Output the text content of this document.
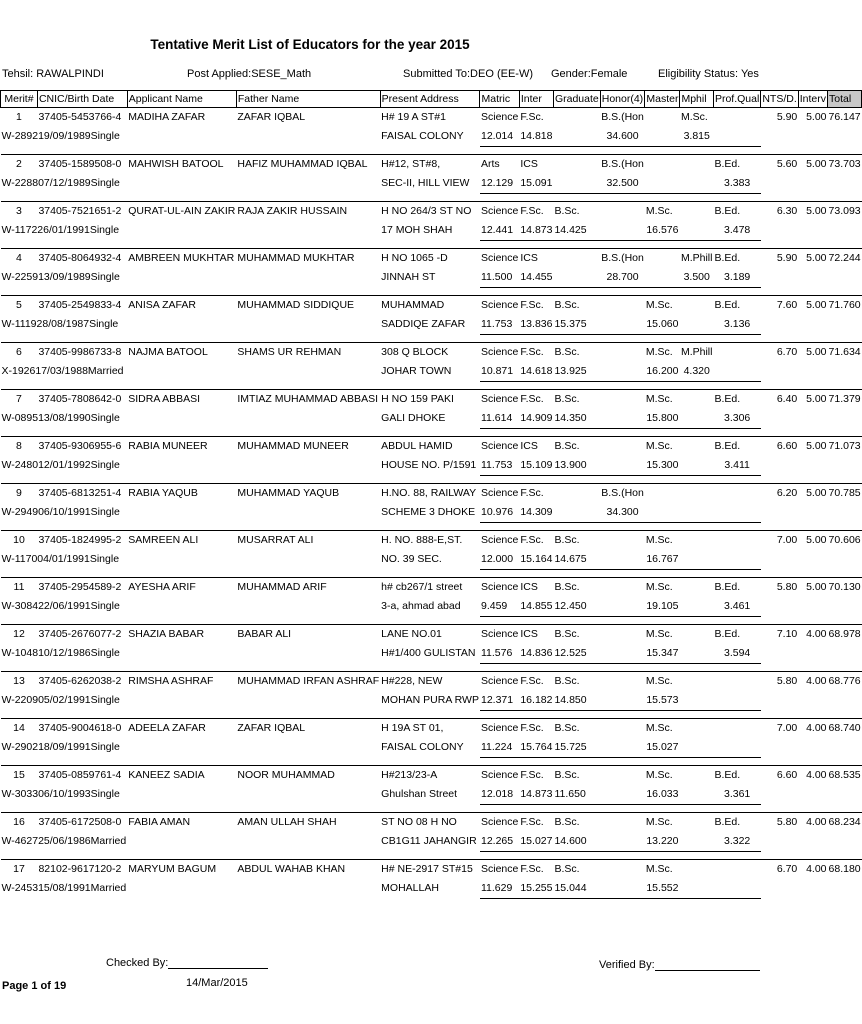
Tentative Merit List of Educators for the year 2015
Tehsil: RAWALPINDI	Post Applied:SESE_Math	Submitted To:DEO (EE-W) Gender:Female	Eligibility Status: Yes
Merit#	CNIC/Birth Date	Applicant Name	Father Name	Present Address	Matric	Inter	Graduate	Honor(4)	Master	Mphil	Prof.Qual	NTS/D.	Interv	Total
1	37405-5453766-4	MADIHA ZAFAR	ZAFAR IQBAL	H# 19 A ST#1	Science	F.Sc.		B.S.(Hon		M.Sc.		5.90	5.00	76.147
W-289219/09/1989Single				FAISAL COLONY	12.014	14.818		34.600		3.815				

2	37405-1589508-0	MAHWISH BATOOL	HAFIZ MUHAMMAD IQBAL	H#12, ST#8,	Arts	ICS		B.S.(Hon			B.Ed.	5.60	5.00	73.703
W-228807/12/1989Single				SEC-II, HILL VIEW	12.129	15.091		32.500			3.383			

3	37405-7521651-2	QURAT-UL-AIN ZAKIR	RAJA ZAKIR HUSSAIN	H NO 264/3 ST NO	Science	F.Sc.	B.Sc.		M.Sc.		B.Ed.	6.30	5.00	73.093
W-117226/01/1991Single				17 MOH SHAH	12.441	14.873	14.425		16.576		3.478			

4	37405-8064932-4	AMBREEN MUKHTAR	MUHAMMAD MUKHTAR	H NO 1065 -D	Science	ICS		B.S.(Hon		M.Phill	B.Ed.	5.90	5.00	72.244
W-225913/09/1989Single				JINNAH ST	11.500	14.455		28.700		3.500	3.189			

5	37405-2549833-4	ANISA ZAFAR	MUHAMMAD SIDDIQUE	MUHAMMAD	Science	F.Sc.	B.Sc.		M.Sc.		B.Ed.	7.60	5.00	71.760
W-111928/08/1987Single				SADDIQE ZAFAR	11.753	13.836	15.375		15.060		3.136			

6	37405-9986733-8	NAJMA BATOOL	SHAMS UR REHMAN	308 Q BLOCK	Science	F.Sc.	B.Sc.		M.Sc.	M.Phill		6.70	5.00	71.634
X-192617/03/1988Married				JOHAR TOWN	10.871	14.618	13.925		16.200	4.320				

7	37405-7808642-0	SIDRA ABBASI	IMTIAZ MUHAMMAD ABBASI	H NO 159 PAKI	Science	F.Sc.	B.Sc.		M.Sc.		B.Ed.	6.40	5.00	71.379
W-089513/08/1990Single				GALI DHOKE	11.614	14.909	14.350		15.800		3.306			

8	37405-9306955-6	RABIA MUNEER	MUHAMMAD MUNEER	ABDUL HAMID	Science	ICS	B.Sc.		M.Sc.		B.Ed.	6.60	5.00	71.073
W-248012/01/1992Single				HOUSE NO. P/1591	11.753	15.109	13.900		15.300		3.411			

9	37405-6813251-4	RABIA YAQUB	MUHAMMAD YAQUB	H.NO. 88, RAILWAY	Science	F.Sc.		B.S.(Hon				6.20	5.00	70.785
W-294906/10/1991Single				SCHEME 3 DHOKE	10.976	14.309		34.300						

10	37405-1824995-2	SAMREEN ALI	MUSARRAT ALI	H. NO. 888-E,ST.	Science	F.Sc.	B.Sc.		M.Sc.			7.00	5.00	70.606
W-117004/01/1991Single				NO. 39 SEC.	12.000	15.164	14.675		16.767					

11	37405-2954589-2	AYESHA ARIF	MUHAMMAD ARIF	h# cb267/1 street	Science	ICS	B.Sc.		M.Sc.		B.Ed.	5.80	5.00	70.130
W-308422/06/1991Single				3-a, ahmad abad	9.459	14.855	12.450		19.105		3.461			

12	37405-2676077-2	SHAZIA BABAR	BABAR ALI	LANE NO.01	Science	ICS	B.Sc.		M.Sc.		B.Ed.	7.10	4.00	68.978
W-104810/12/1986Single				H#1/400 GULISTAN	11.576	14.836	12.525		15.347		3.594			

13	37405-6262038-2	RIMSHA ASHRAF	MUHAMMAD IRFAN ASHRAF	H#228, NEW	Science	F.Sc.	B.Sc.		M.Sc.			5.80	4.00	68.776
W-220905/02/1991Single				MOHAN PURA RWP	12.371	16.182	14.850		15.573					

14	37405-9004618-0	ADEELA ZAFAR	ZAFAR IQBAL	H 19A ST 01,	Science	F.Sc.	B.Sc.		M.Sc.			7.00	4.00	68.740
W-290218/09/1991Single				FAISAL COLONY	11.224	15.764	15.725		15.027					

15	37405-0859761-4	KANEEZ SADIA	NOOR MUHAMMAD	H#213/23-A	Science	F.Sc.	B.Sc.		M.Sc.		B.Ed.	6.60	4.00	68.535
W-303306/10/1993Single				Ghulshan Street	12.018	14.873	11.650		16.033		3.361			

16	37405-6172508-0	FABIA AMAN	AMAN ULLAH SHAH	ST NO 08 H NO	Science	F.Sc.	B.Sc.		M.Sc.		B.Ed.	5.80	4.00	68.234
W-462725/06/1986Married				CB1G11 JAHANGIR	12.265	15.027	14.600		13.220		3.322			

17	82102-9617120-2	MARYUM BAGUM	ABDUL WAHAB KHAN	H# NE-2917 ST#15	Science	F.Sc.	B.Sc.		M.Sc.			6.70	4.00	68.180
W-245315/08/1991Married				MOHALLAH	11.629	15.255	15.044		15.552					

Checked By:
14/Mar/2015
Verified By:
Page 1 of 19
